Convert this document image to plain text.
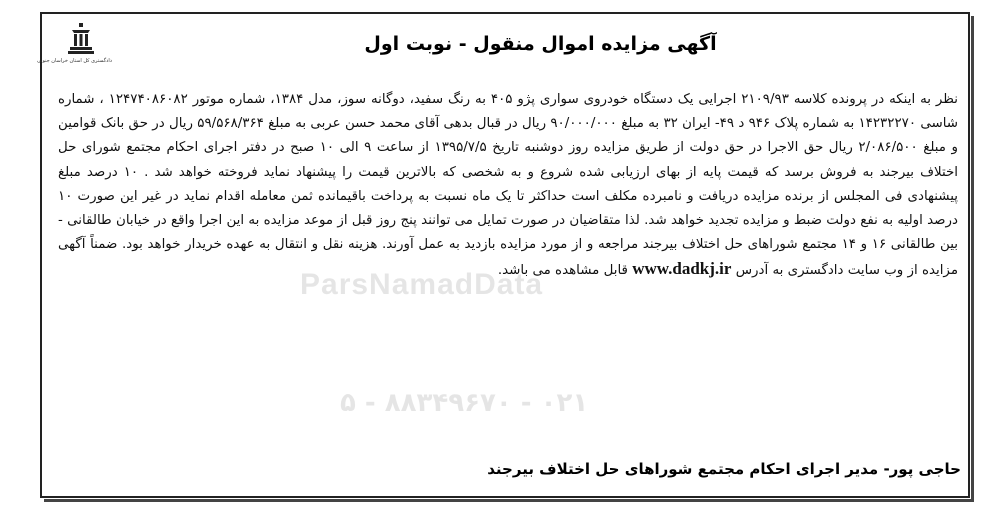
دادگستری کل استان خراسان جنوبی
آگهی مزایده اموال منقول - نوبت اول

نظر به اینکه در پرونده کلاسه ۲۱۰۹/۹۳ اجرایی یک دستگاه خودروی سواری پژو ۴۰۵ به رنگ سفید، دوگانه سوز، مدل ۱۳۸۴، شماره موتور ۱۲۴۷۴۰۸۶۰۸۲ ، شماره شاسی ۱۴۲۳۲۲۷۰ به شماره پلاک ۹۴۶ د ۴۹- ایران ۳۲ به مبلغ ۹۰/۰۰۰/۰۰۰ ریال در قبال بدهی آقای محمد حسن عربی به مبلغ ۵۹/۵۶۸/۳۶۴ ریال در حق بانک قوامین و مبلغ ۲/۰۸۶/۵۰۰ ریال حق الاجرا در حق دولت از طریق مزایده روز دوشنبه تاریخ ۱۳۹۵/۷/۵ از ساعت ۹ الی ۱۰ صبح در دفتر اجرای احکام مجتمع شورای حل اختلاف بیرجند به فروش برسد که قیمت پایه از بهای ارزیابی شده شروع و به شخصی که بالاترین قیمت را پیشنهاد نماید فروخته خواهد شد . ۱۰ درصد مبلغ پیشنهادی فی المجلس از برنده مزایده دریافت و نامبرده مکلف است حداکثر تا یک ماه نسبت به پرداخت باقیمانده ثمن معامله اقدام نماید در غیر این صورت ۱۰ درصد اولیه به نفع دولت ضبط و مزایده تجدید خواهد شد. لذا متقاضیان در صورت تمایل می توانند پنج روز قبل از موعد مزایده به این اجرا واقع در خیابان طالقانی - بین طالقانی ۱۶ و ۱۴ مجتمع شوراهای حل اختلاف بیرجند مراجعه و از مورد مزایده بازدید به عمل آورند. هزینه نقل و انتقال به عهده خریدار خواهد بود. ضمناً آگهی مزایده از وب سایت دادگستری به آدرس www.dadkj.ir قابل مشاهده می باشد.

حاجی پور- مدیر اجرای احکام مجتمع شوراهای حل اختلاف بیرجند
